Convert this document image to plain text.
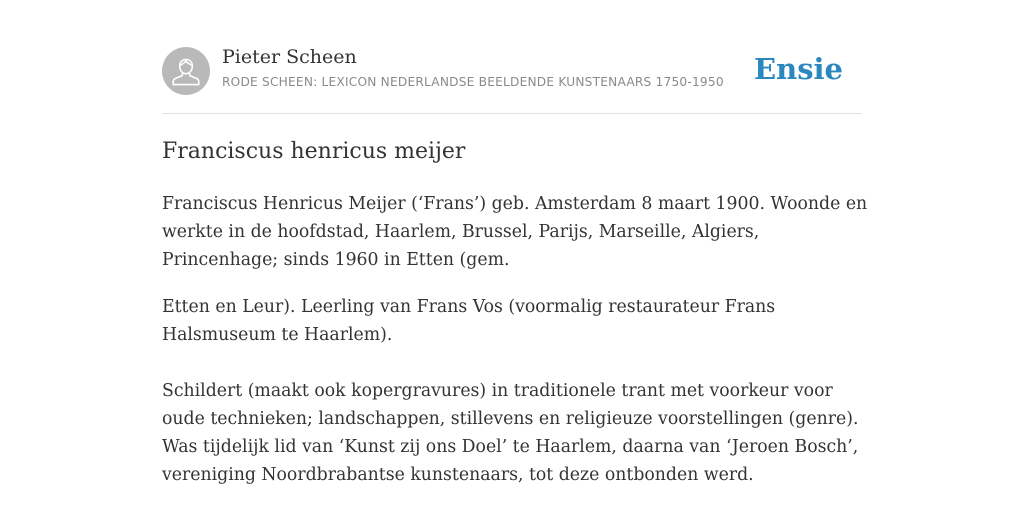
Pieter Scheen
RODE SCHEEN: LEXICON NEDERLANDSE BEELDENDE KUNSTENAARS 1750-1950 Ensie
Franciscus henricus meijer

Franciscus Henricus Meijer (‘Frans’) geb. Amsterdam 8 maart 1900. Woonde en werkte in de hoofdstad, Haarlem, Brussel, Parijs, Marseille, Algiers, Princenhage; sinds 1960 in Etten (gem.

Etten en Leur). Leerling van Frans Vos (voormalig restaurateur Frans Halsmuseum te Haarlem).

Schildert (maakt ook kopergravures) in traditionele trant met voorkeur voor oude technieken; landschappen, stillevens en religieuze voorstellingen (genre). Was tijdelijk lid van ‘Kunst zij ons Doel’ te Haarlem, daarna van ‘Jeroen Bosch’, vereniging Noordbrabantse kunstenaars, tot deze ontbonden werd.
